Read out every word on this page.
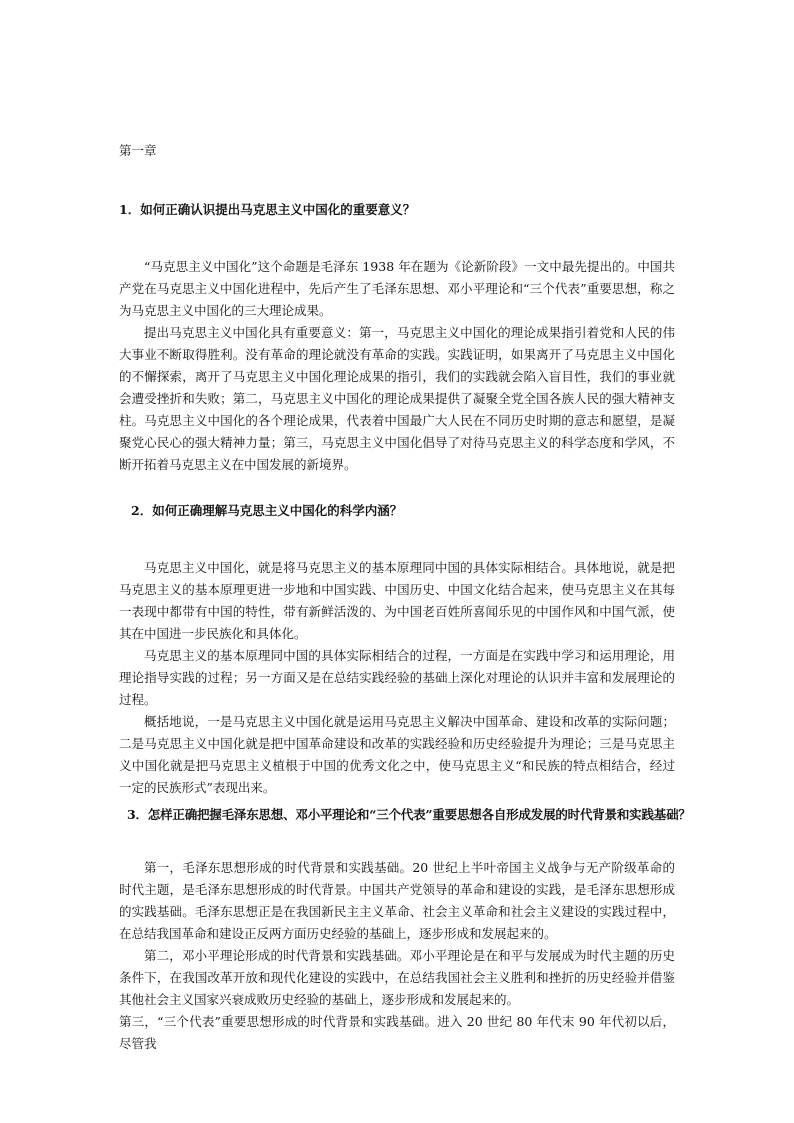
第一章
1．如何正确认识提出马克思主义中国化的重要意义？

“马克思主义中国化”这个命题是毛泽东 1938 年在题为《论新阶段》一文中最先提出的。中国共产党在马克思主义中国化进程中，先后产生了毛泽东思想、邓小平理论和“三个代表”重要思想，称之为马克思主义中国化的三大理论成果。

提出马克思主义中国化具有重要意义：第一，马克思主义中国化的理论成果指引着党和人民的伟大事业不断取得胜利。没有革命的理论就没有革命的实践。实践证明，如果离开了马克思主义中国化的不懈探索，离开了马克思主义中国化理论成果的指引，我们的实践就会陷入盲目性，我们的事业就会遭受挫折和失败；第二，马克思主义中国化的理论成果提供了凝聚全党全国各族人民的强大精神支柱。马克思主义中国化的各个理论成果，代表着中国最广大人民在不同历史时期的意志和愿望，是凝聚党心民心的强大精神力量；第三，马克思主义中国化倡导了对待马克思主义的科学态度和学风，不断开拓着马克思主义在中国发展的新境界。

2．如何正确理解马克思主义中国化的科学内涵？

马克思主义中国化，就是将马克思主义的基本原理同中国的具体实际相结合。具体地说，就是把马克思主义的基本原理更进一步地和中国实践、中国历史、中国文化结合起来，使马克思主义在其每一表现中都带有中国的特性，带有新鲜活泼的、为中国老百姓所喜闻乐见的中国作风和中国气派，使其在中国进一步民族化和具体化。

马克思主义的基本原理同中国的具体实际相结合的过程，一方面是在实践中学习和运用理论，用理论指导实践的过程；另一方面又是在总结实践经验的基础上深化对理论的认识并丰富和发展理论的过程。

概括地说，一是马克思主义中国化就是运用马克思主义解决中国革命、建设和改革的实际问题；二是马克思主义中国化就是把中国革命建设和改革的实践经验和历史经验提升为理论；三是马克思主义中国化就是把马克思主义植根于中国的优秀文化之中，使马克思主义“和民族的特点相结合，经过一定的民族形式”表现出来。

3．怎样正确把握毛泽东思想、邓小平理论和“三个代表”重要思想各自形成发展的时代背景和实践基础？

第一，毛泽东思想形成的时代背景和实践基础。20 世纪上半叶帝国主义战争与无产阶级革命的时代主题，是毛泽东思想形成的时代背景。中国共产党领导的革命和建设的实践，是毛泽东思想形成的实践基础。毛泽东思想正是在我国新民主主义革命、社会主义革命和社会主义建设的实践过程中，在总结我国革命和建设正反两方面历史经验的基础上，逐步形成和发展起来的。

第二，邓小平理论形成的时代背景和实践基础。邓小平理论是在和平与发展成为时代主题的历史条件下，在我国改革开放和现代化建设的实践中，在总结我国社会主义胜利和挫折的历史经验并借鉴其他社会主义国家兴衰成败历史经验的基础上，逐步形成和发展起来的。

第三，“三个代表”重要思想形成的时代背景和实践基础。进入 20 世纪 80 年代末 90 年代初以后，尽管我
